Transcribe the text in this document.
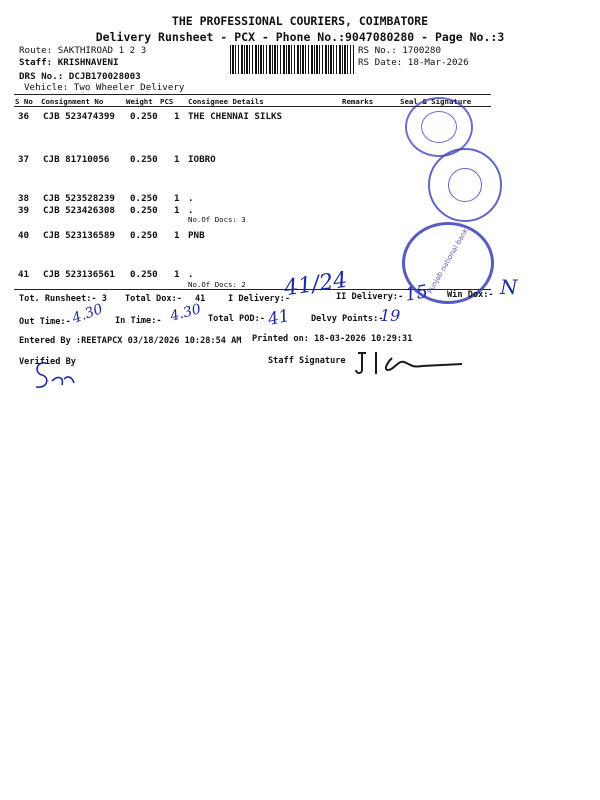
THE PROFESSIONAL COURIERS, COIMBATORE
Delivery Runsheet - PCX - Phone No.:9047080280 - Page No.:3
Route: SAKTHIROAD 1 2 3
Staff: KRISHNAVENI
DRS No.: DCJB170028003
Vehicle: Two Wheeler Delivery
RS No.: 1700280
RS Date: 18-Mar-2026
S No Consignment No	Weight PCS Consignee Details	Remarks	Seal & Signature
36 CJB 523474399 0.250 1 THE CHENNAI SILKS
37 CJB 81710056 0.250 1 IOBRO
38 CJB 523528239 0.250 1 .
39 CJB 523426308 0.250 1 .
No.Of Docs: 3
40 CJB 523136589 0.250 1 PNB
41 CJB 523136561 0.250 1 .
No.Of Docs: 2	Punjab national bank
Tot. Runsheet:- 3 Total Dox:- 41	I Delivery:-	II Delivery:-	Win Dox:-
Out Time:-	In Time:-	Total POD:-	Delvy Points:-
Entered By :REETAPCX 03/18/2026 10:28:54 AM Printed on: 18-03-2026 10:29:31
Verified By	Staff Signature
41/24	15	N
4.30	4.30	41	19
